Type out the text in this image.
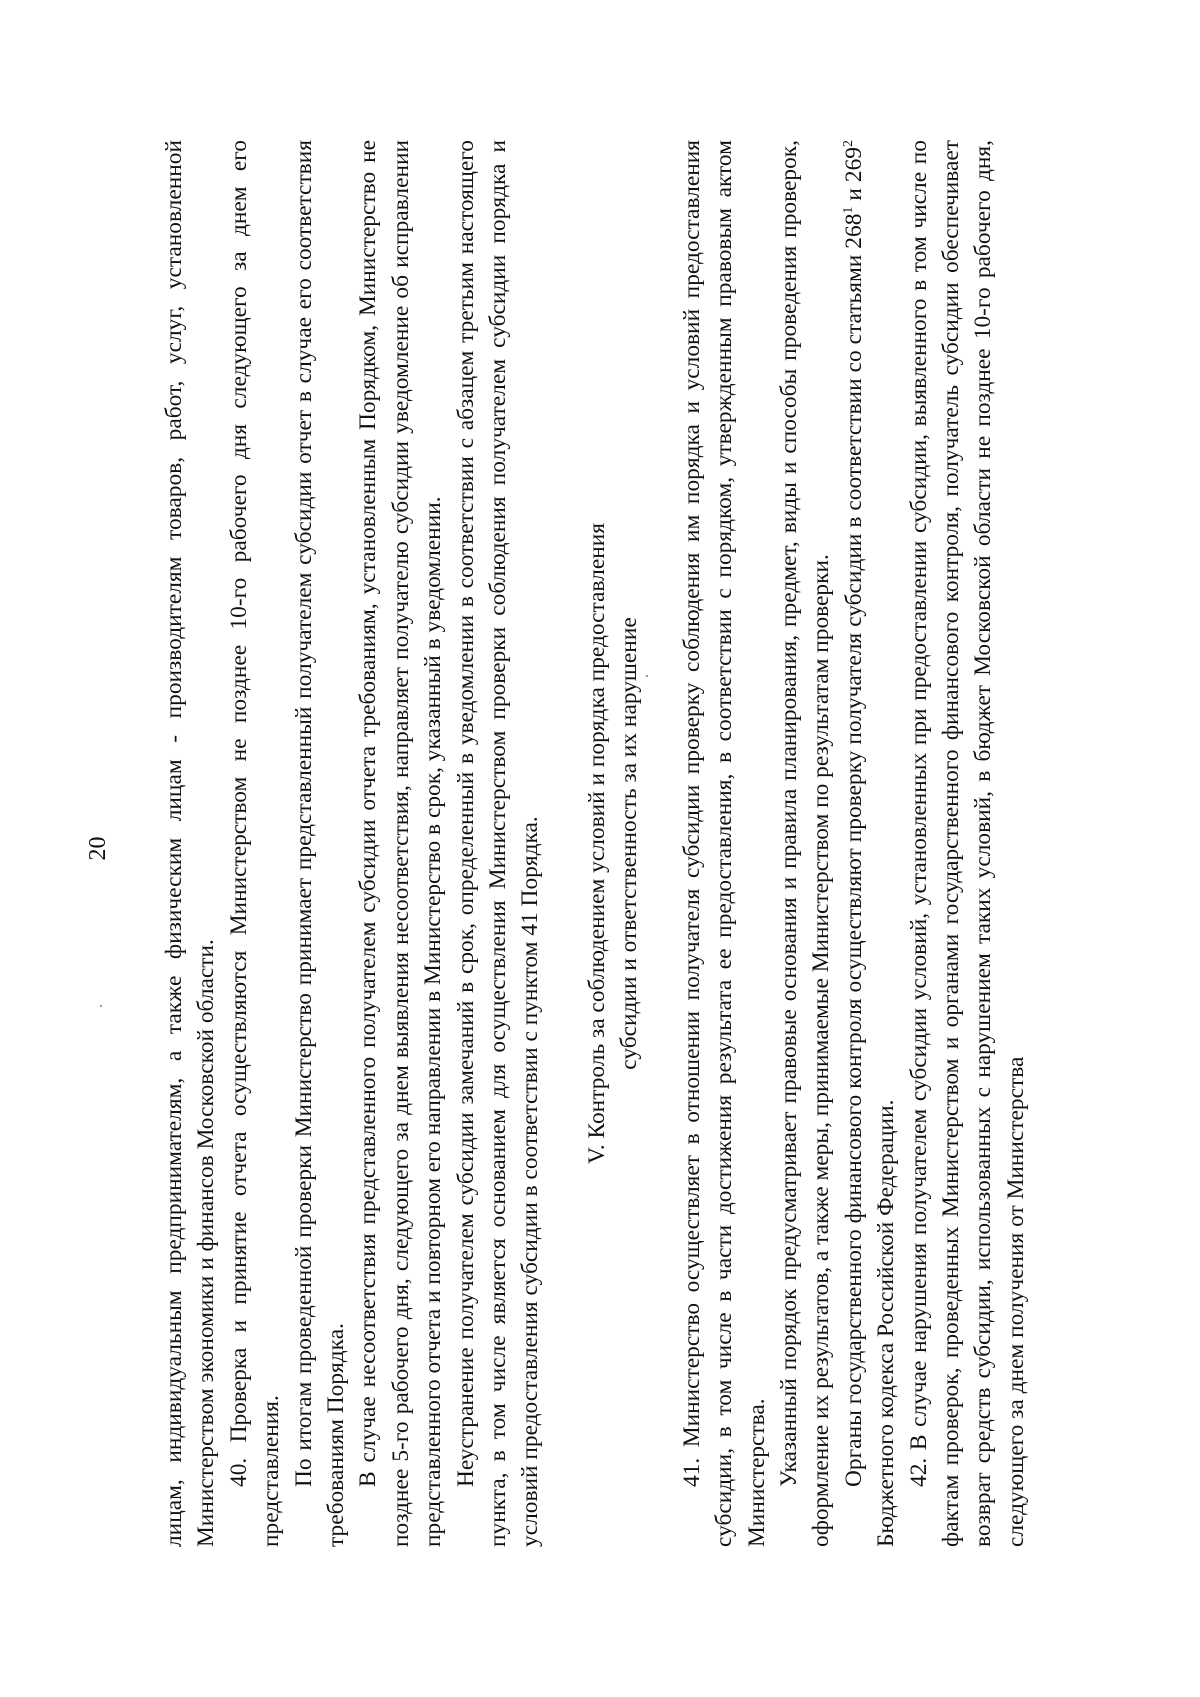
20 лицам, индивидуальным предпринимателям, а также физическим лицам - производителям товаров, работ, услуг, установленной Министерством экономики и финансов Московской области. 40. Проверка и принятие отчета осуществляются Министерством не позднее 10-го рабочего дня следующего за днем его представления. По итогам проведенной проверки Министерство принимает представленный получателем субсидии отчет в случае его соответствия требованиям Порядка. В случае несоответствия представленного получателем субсидии отчета требованиям, установленным Порядком, Министерство не позднее 5-го рабочего дня, следующего за днем выявления несоответствия, направляет получателю субсидии уведомление об исправлении представленного отчета и повторном его направлении в Министерство в срок, указанный в уведомлении. Неустранение получателем субсидии замечаний в срок, определенный в уведомлении в соответствии с абзацем третьим настоящего пункта, в том числе является основанием для осуществления Министерством проверки соблюдения получателем субсидии порядка и условий предоставления субсидии в соответствии с пунктом 41 Порядка. V. Контроль за соблюдением условий и порядка предоставления субсидии и ответственность за их нарушение 41. Министерство осуществляет в отношении получателя субсидии проверку соблюдения им порядка и условий предоставления субсидии, в том числе в части достижения результата ее предоставления, в соответствии с порядком, утвержденным правовым актом Министерства. Указанный порядок предусматривает правовые основания и правила планирования, предмет, виды и способы проведения проверок, оформление их результатов, а также меры, принимаемые Министерством по результатам проверки. Органы государственного финансового контроля осуществляют проверку получателя субсидии в соответствии со статьями $268^1$ и $269^2$ Бюджетного кодекса Российской Федерации. 42. В случае нарушения получателем субсидии условий, установленных при предоставлении субсидии, выявленного в том числе по фактам проверок, проведенных Министерством и органами государственного финансового контроля, получатель субсидии обеспечивает возврат средств субсидии, использованных с нарушением таких условий, в бюджет Московской области не позднее 10-го рабочего дня, следующего за днем получения от Министерства
